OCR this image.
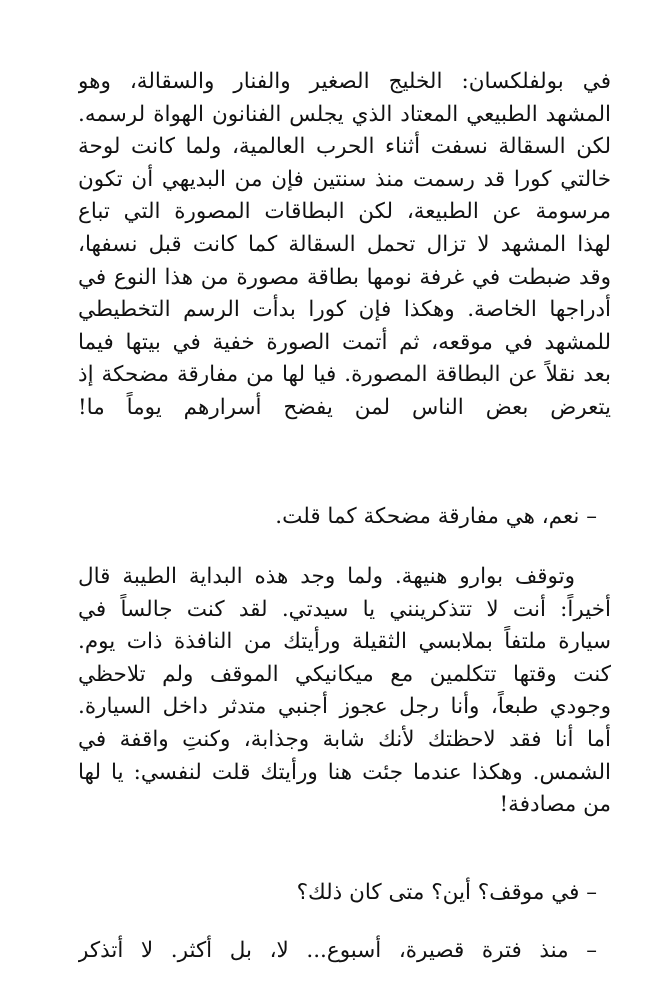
في بولفلكسان: الخليج الصغير والفنار والسقالة، وهو
المشهد الطبيعي المعتاد الذي يجلس الفنانون الهواة لرسمه.
لكن السقالة نسفت أثناء الحرب العالمية، ولما كانت لوحة
خالتي كورا قد رسمت منذ سنتين فإن من البديهي أن تكون
مرسومة عن الطبيعة، لكن البطاقات المصورة التي تباع
لهذا المشهد لا تزال تحمل السقالة كما كانت قبل نسفها،
وقد ضبطت في غرفة نومها بطاقة مصورة من هذا النوع في
أدراجها الخاصة. وهكذا فإن كورا بدأت الرسم التخطيطي
للمشهد في موقعه، ثم أتمت الصورة خفية في بيتها فيما
بعد نقلاً عن البطاقة المصورة. فيا لها من مفارقة مضحكة إذ
يتعرض بعض الناس لمن يفضح أسرارهم يوماً ما!
– نعم، هي مفارقة مضحكة كما قلت.
وتوقف بوارو هنيهة. ولما وجد هذه البداية الطيبة قال
أخيراً: أنت لا تتذكرينني يا سيدتي. لقد كنت جالساً في
سيارة ملتفاً بملابسي الثقيلة ورأيتك من النافذة ذات يوم.
كنت وقتها تتكلمين مع ميكانيكي الموقف ولم تلاحظي
وجودي طبعاً، وأنا رجل عجوز أجنبي متدثر داخل السيارة.
أما أنا فقد لاحظتك لأنك شابة وجذابة، وكنتِ واقفة في
الشمس. وهكذا عندما جئت هنا ورأيتك قلت لنفسي: يا لها
من مصادفة!
– في موقف؟ أين؟ متى كان ذلك؟
– منذ فترة قصيرة، أسبوع... لا، بل أكثر. لا أتذكر
